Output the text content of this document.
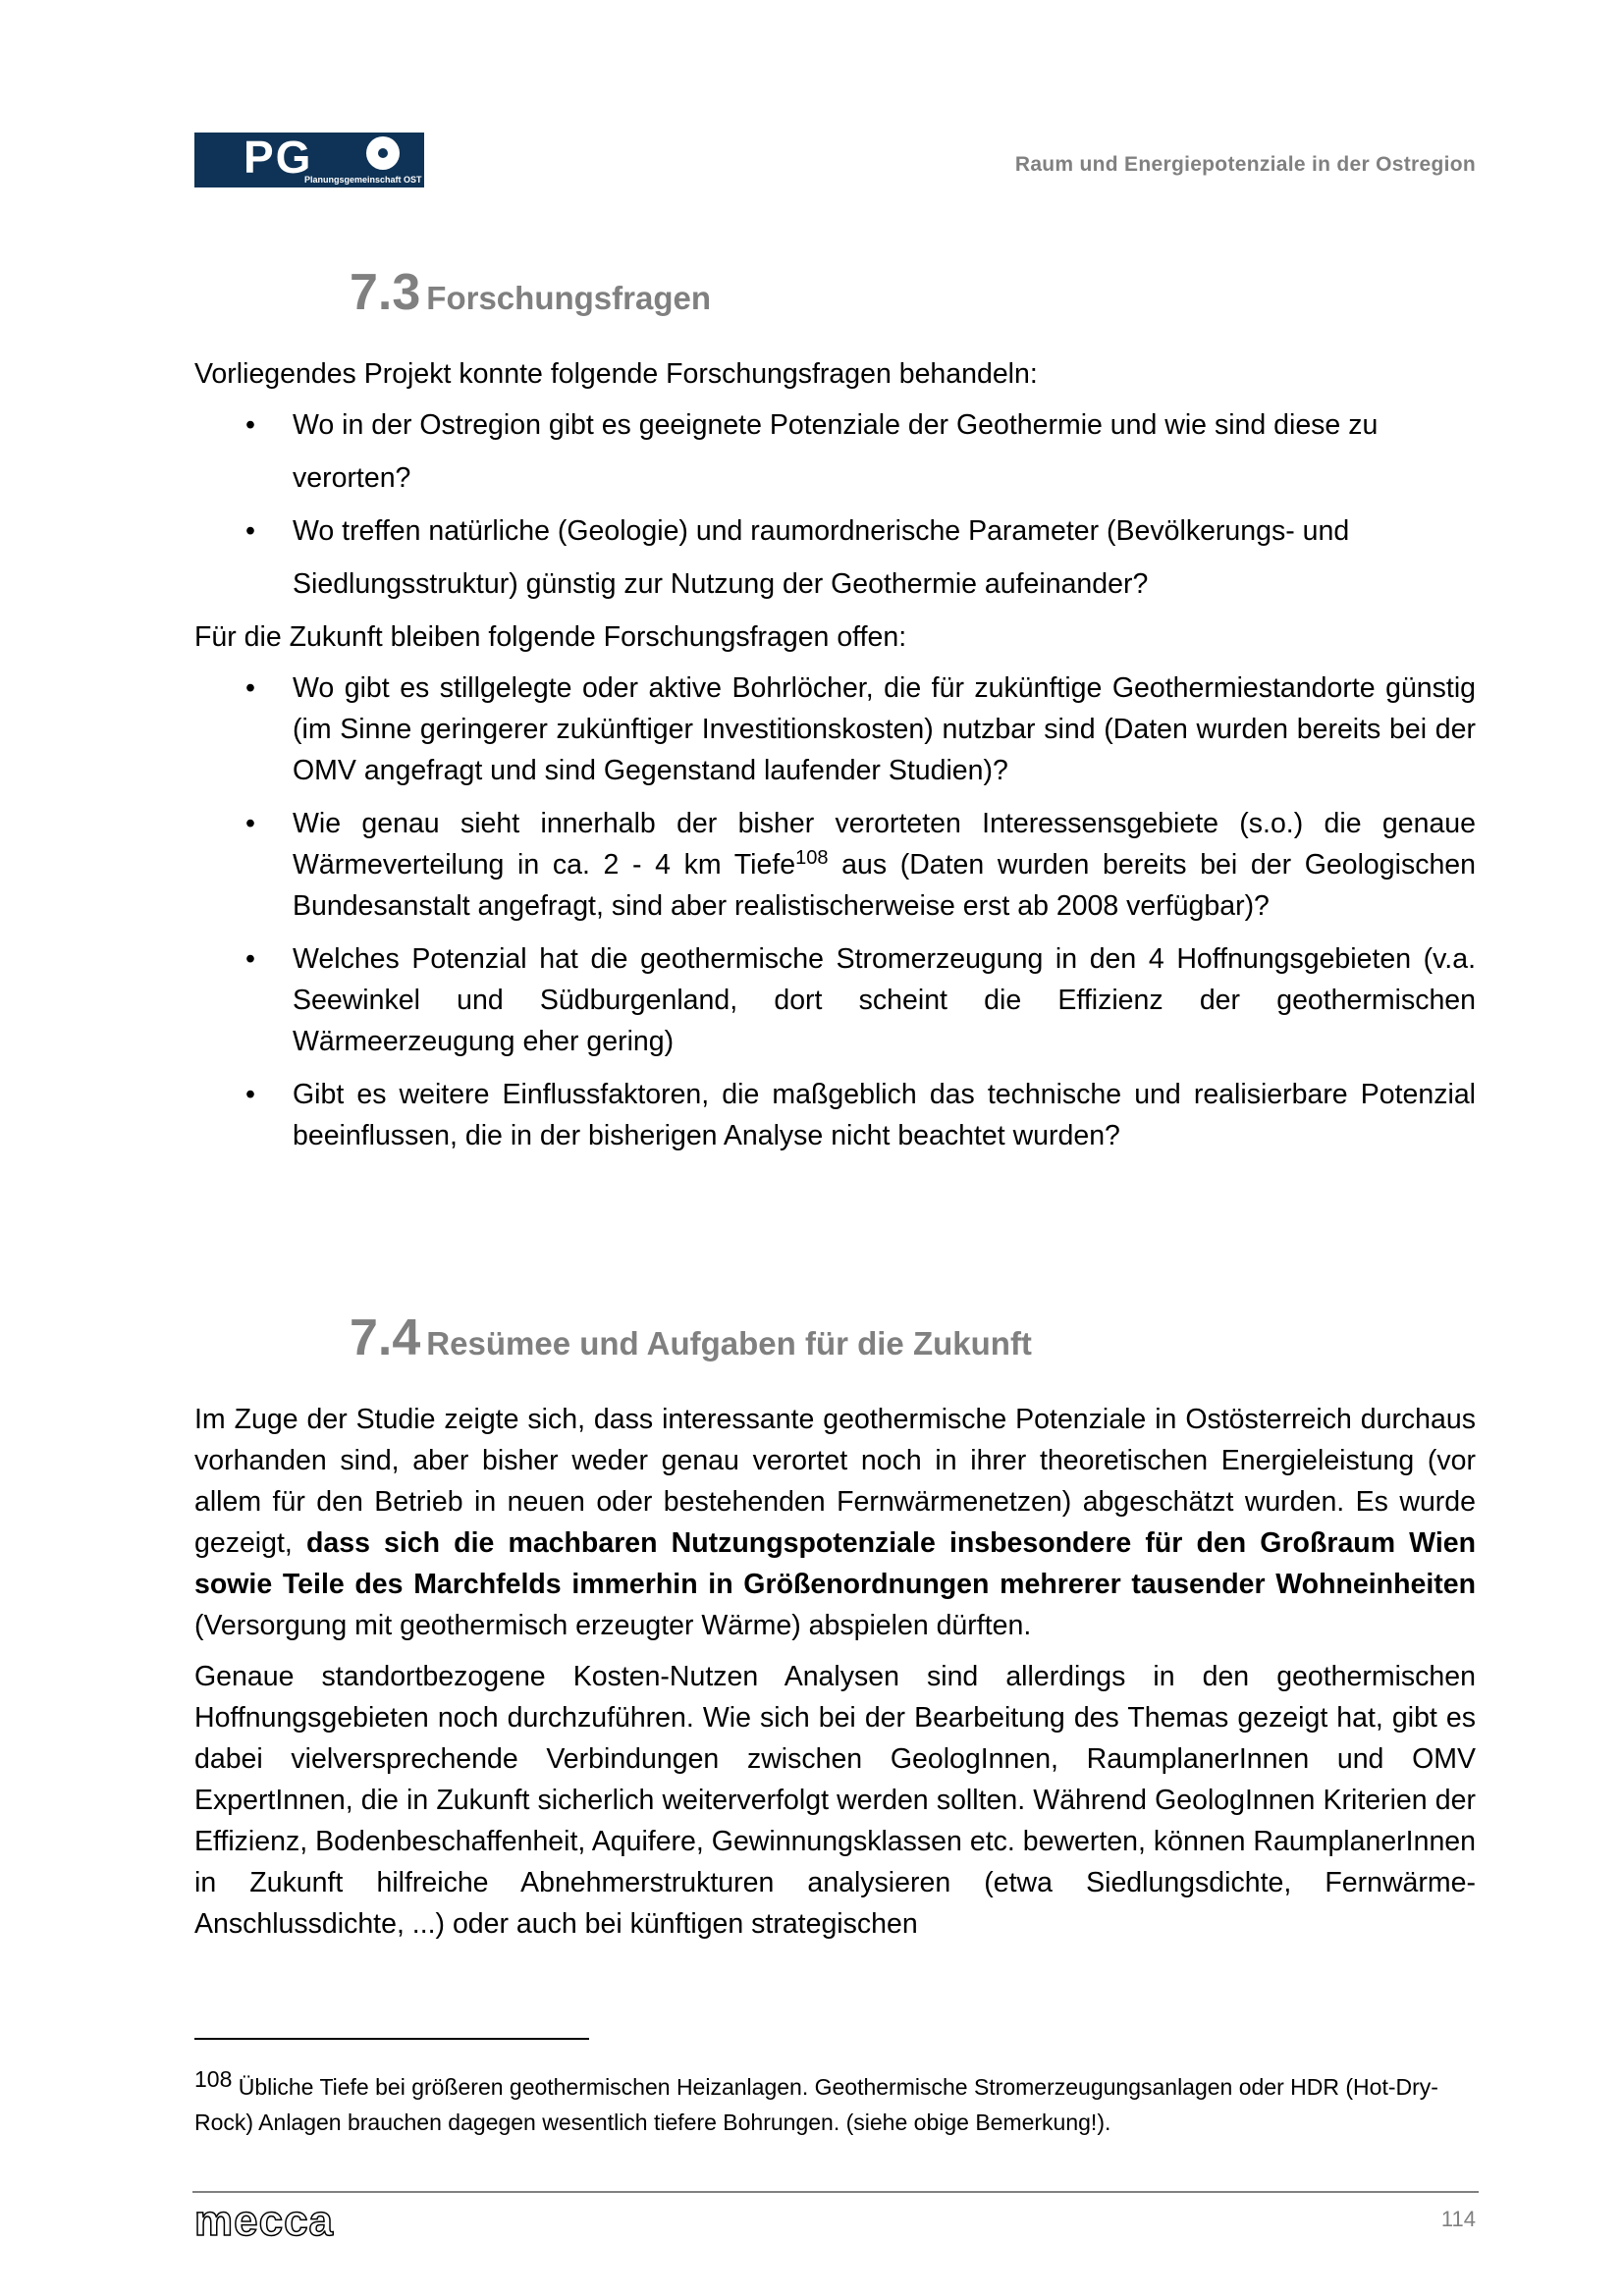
PG
Planungsgemeinschaft OST
Raum und Energiepotenziale in der Ostregion
7.3 Forschungsfragen

Vorliegendes Projekt konnte folgende Forschungsfragen behandeln:

• Wo in der Ostregion gibt es geeignete Potenziale der Geothermie und wie sind diese zu verorten?
• Wo treffen natürliche (Geologie) und raumordnerische Parameter (Bevölkerungs- und Siedlungsstruktur) günstig zur Nutzung der Geothermie aufeinander?

Für die Zukunft bleiben folgende Forschungsfragen offen:

• Wo gibt es stillgelegte oder aktive Bohrlöcher, die für zukünftige Geothermiestandorte günstig (im Sinne geringerer zukünftiger Investitionskosten) nutzbar sind (Daten wurden bereits bei der OMV angefragt und sind Gegenstand laufender Studien)?
• Wie genau sieht innerhalb der bisher verorteten Interessensgebiete (s.o.) die genaue Wärmeverteilung in ca. 2 - 4 km Tiefe$^{108}$ aus (Daten wurden bereits bei der Geologischen Bundesanstalt angefragt, sind aber realistischerweise erst ab 2008 verfügbar)?
• Welches Potenzial hat die geothermische Stromerzeugung in den 4 Hoffnungsgebieten (v.a. Seewinkel und Südburgenland, dort scheint die Effizienz der geothermischen Wärmeerzeugung eher gering)
• Gibt es weitere Einflussfaktoren, die maßgeblich das technische und realisierbare Potenzial beeinflussen, die in der bisherigen Analyse nicht beachtet wurden?
7.4 Resümee und Aufgaben für die Zukunft

Im Zuge der Studie zeigte sich, dass interessante geothermische Potenziale in Ostösterreich durchaus vorhanden sind, aber bisher weder genau verortet noch in ihrer theoretischen Energieleistung (vor allem für den Betrieb in neuen oder bestehenden Fernwärmenetzen) abgeschätzt wurden. Es wurde gezeigt, dass sich die machbaren Nutzungspotenziale insbesondere für den Großraum Wien sowie Teile des Marchfelds immerhin in Größenordnungen mehrerer tausender Wohneinheiten (Versorgung mit geothermisch erzeugter Wärme) abspielen dürften.

Genaue standortbezogene Kosten-Nutzen Analysen sind allerdings in den geothermischen Hoffnungsgebieten noch durchzuführen. Wie sich bei der Bearbeitung des Themas gezeigt hat, gibt es dabei vielversprechende Verbindungen zwischen GeologInnen, RaumplanerInnen und OMV ExpertInnen, die in Zukunft sicherlich weiterverfolgt werden sollten. Während GeologInnen Kriterien der Effizienz, Bodenbeschaffenheit, Aquifere, Gewinnungsklassen etc. bewerten, können RaumplanerInnen in Zukunft hilfreiche Abnehmerstrukturen analysieren (etwa Siedlungsdichte, Fernwärme-Anschlussdichte, ...) oder auch bei künftigen strategischen

$^{108}$ Übliche Tiefe bei größeren geothermischen Heizanlagen. Geothermische Stromerzeugungsanlagen oder HDR (Hot-Dry-Rock) Anlagen brauchen dagegen wesentlich tiefere Bohrungen. (siehe obige Bemerkung!).
mecca	114
